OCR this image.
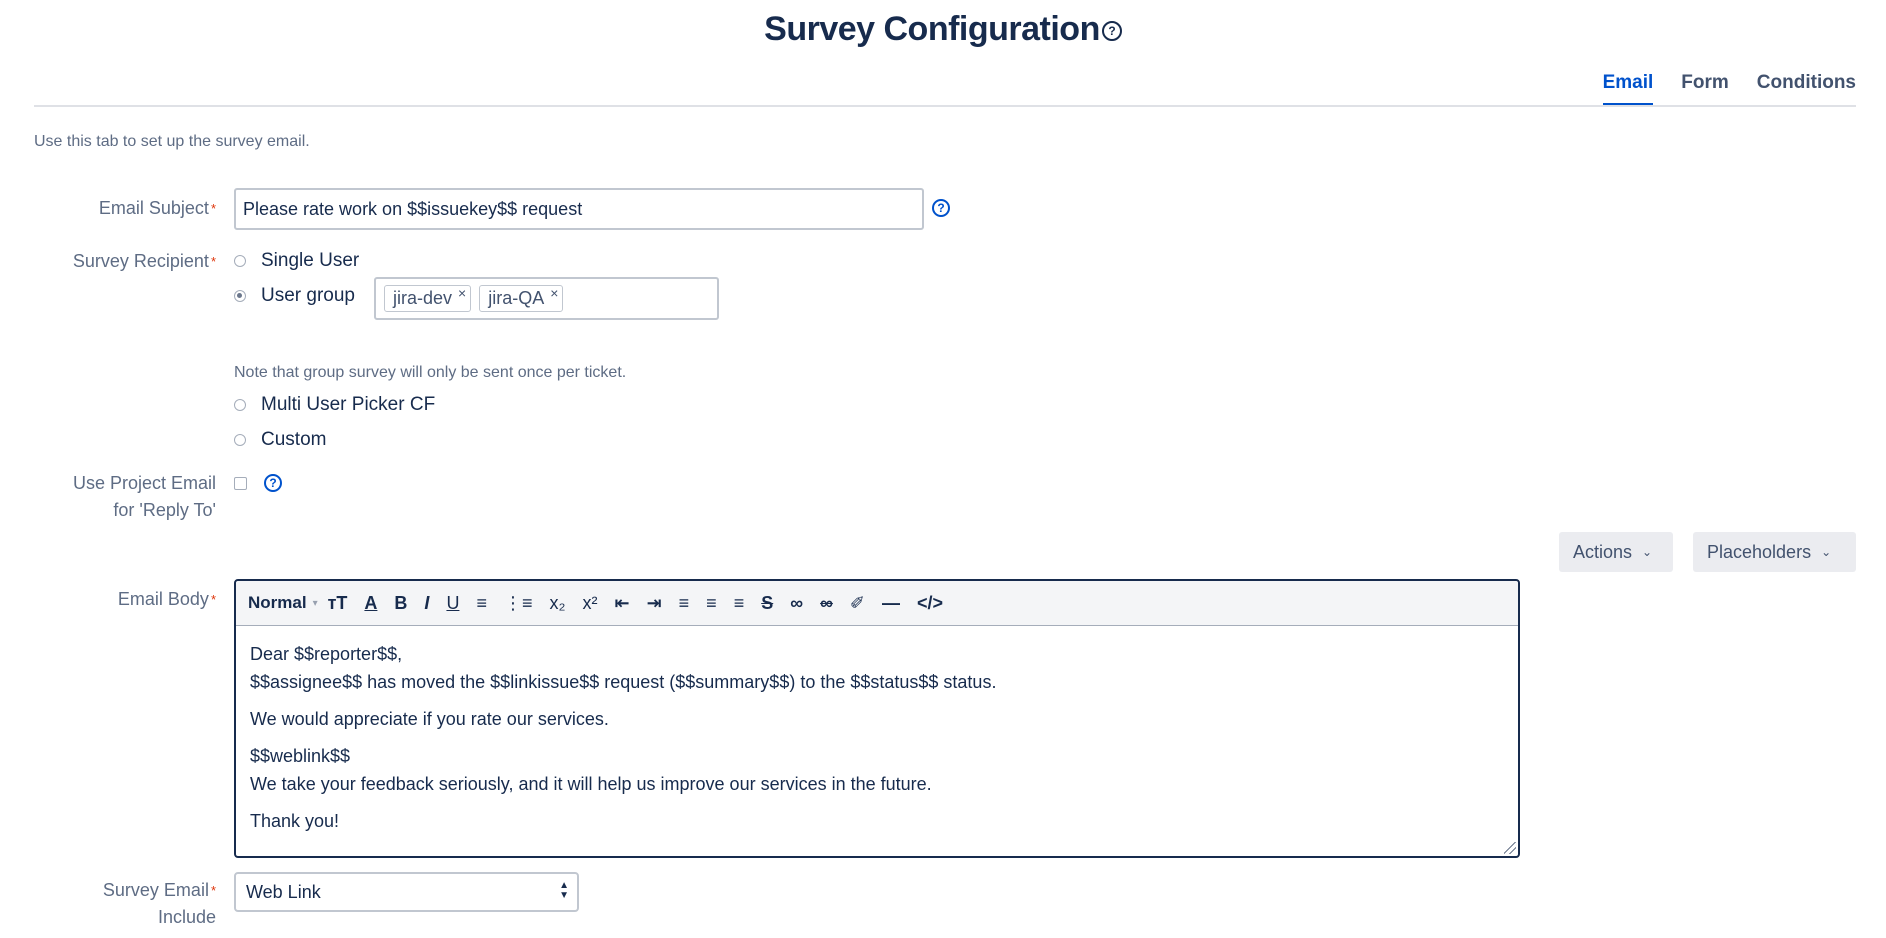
Survey Configuration ?
Email Form Conditions
Use this tab to set up the survey email.
Email Subject *
Please rate work on $$issuekey$$ request	?
Survey Recipient * Single User
User group jira-dev × jira-QA ×
Note that group survey will only be sent once per ticket.
Multi User Picker CF
Custom
Use Project Email
for 'Reply To'
?
Actions ⌄	Placeholders ⌄
Email Body * Normal ▾ тT A B I U ≡ ⋮≡ x₂ x² ⇤ ⇥ ≡ ≡ ≡ S ∞ ∞ ✐ — </>

Dear $$reporter$$,
$$assignee$$ has moved the $$linkissue$$ request ($$summary$$) to the $$status$$ status.

We would appreciate if you rate our services.

$$weblink$$
We take your feedback seriously, and it will help us improve our services in the future.

Thank you!

Survey Email *
Include
Web Link	▲
▼
